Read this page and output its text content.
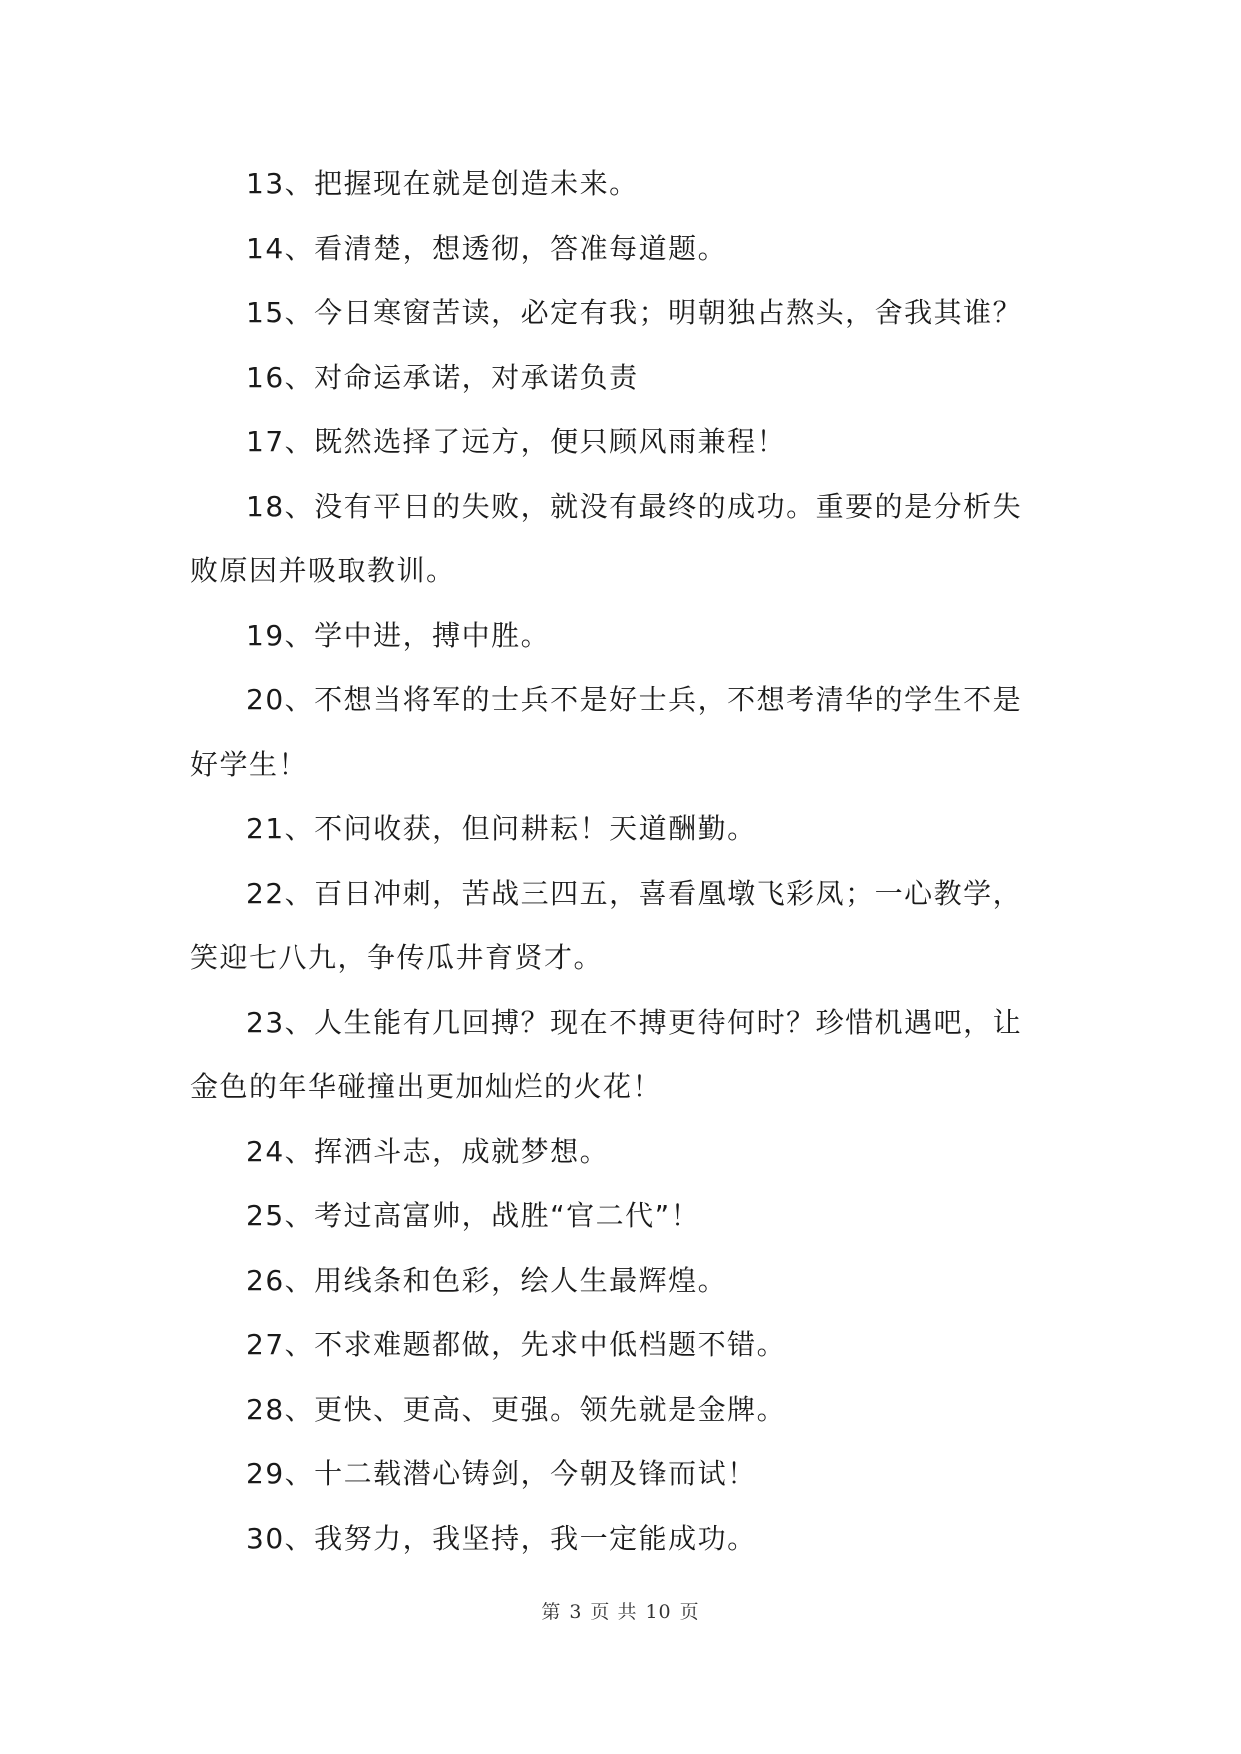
13、把握现在就是创造未来。

14、看清楚，想透彻，答准每道题。

15、今日寒窗苦读，必定有我；明朝独占熬头，舍我其谁？

16、对命运承诺，对承诺负责

17、既然选择了远方，便只顾风雨兼程！

18、没有平日的失败，就没有最终的成功。重要的是分析失败原因并吸取教训。

19、学中进，搏中胜。

20、不想当将军的士兵不是好士兵，不想考清华的学生不是好学生！

21、不问收获，但问耕耘！天道酬勤。

22、百日冲刺，苦战三四五，喜看凰墩飞彩凤；一心教学，笑迎七八九，争传瓜井育贤才。

23、人生能有几回搏？现在不搏更待何时？珍惜机遇吧，让金色的年华碰撞出更加灿烂的火花！

24、挥洒斗志，成就梦想。

25、考过高富帅，战胜“官二代”！

26、用线条和色彩，绘人生最辉煌。

27、不求难题都做，先求中低档题不错。

28、更快、更高、更强。领先就是金牌。

29、十二载潜心铸剑，今朝及锋而试！

30、我努力，我坚持，我一定能成功。

第 3 页 共 10 页
